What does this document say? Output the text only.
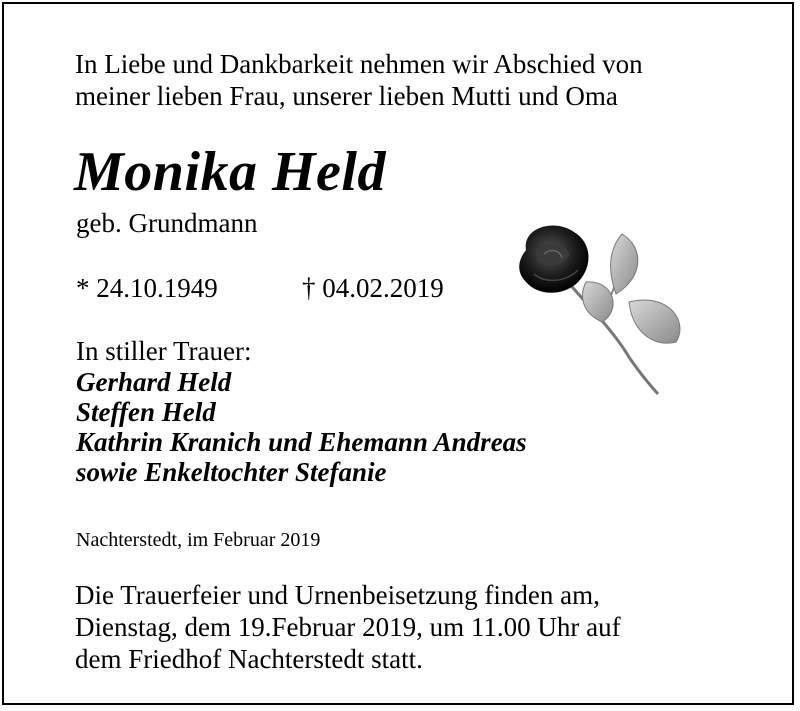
In Liebe und Dankbarkeit nehmen wir Abschied von
meiner lieben Frau, unserer lieben Mutti und Oma
Monika Held
geb. Grundmann
* 24.10.1949	† 04.02.2019
In stiller Trauer:
Gerhard Held
Steffen Held
Kathrin Kranich und Ehemann Andreas
sowie Enkeltochter Stefanie
Nachterstedt, im Februar 2019
Die Trauerfeier und Urnenbeisetzung finden am,
Dienstag, dem 19.Februar 2019, um 11.00 Uhr auf
dem Friedhof Nachterstedt statt.
